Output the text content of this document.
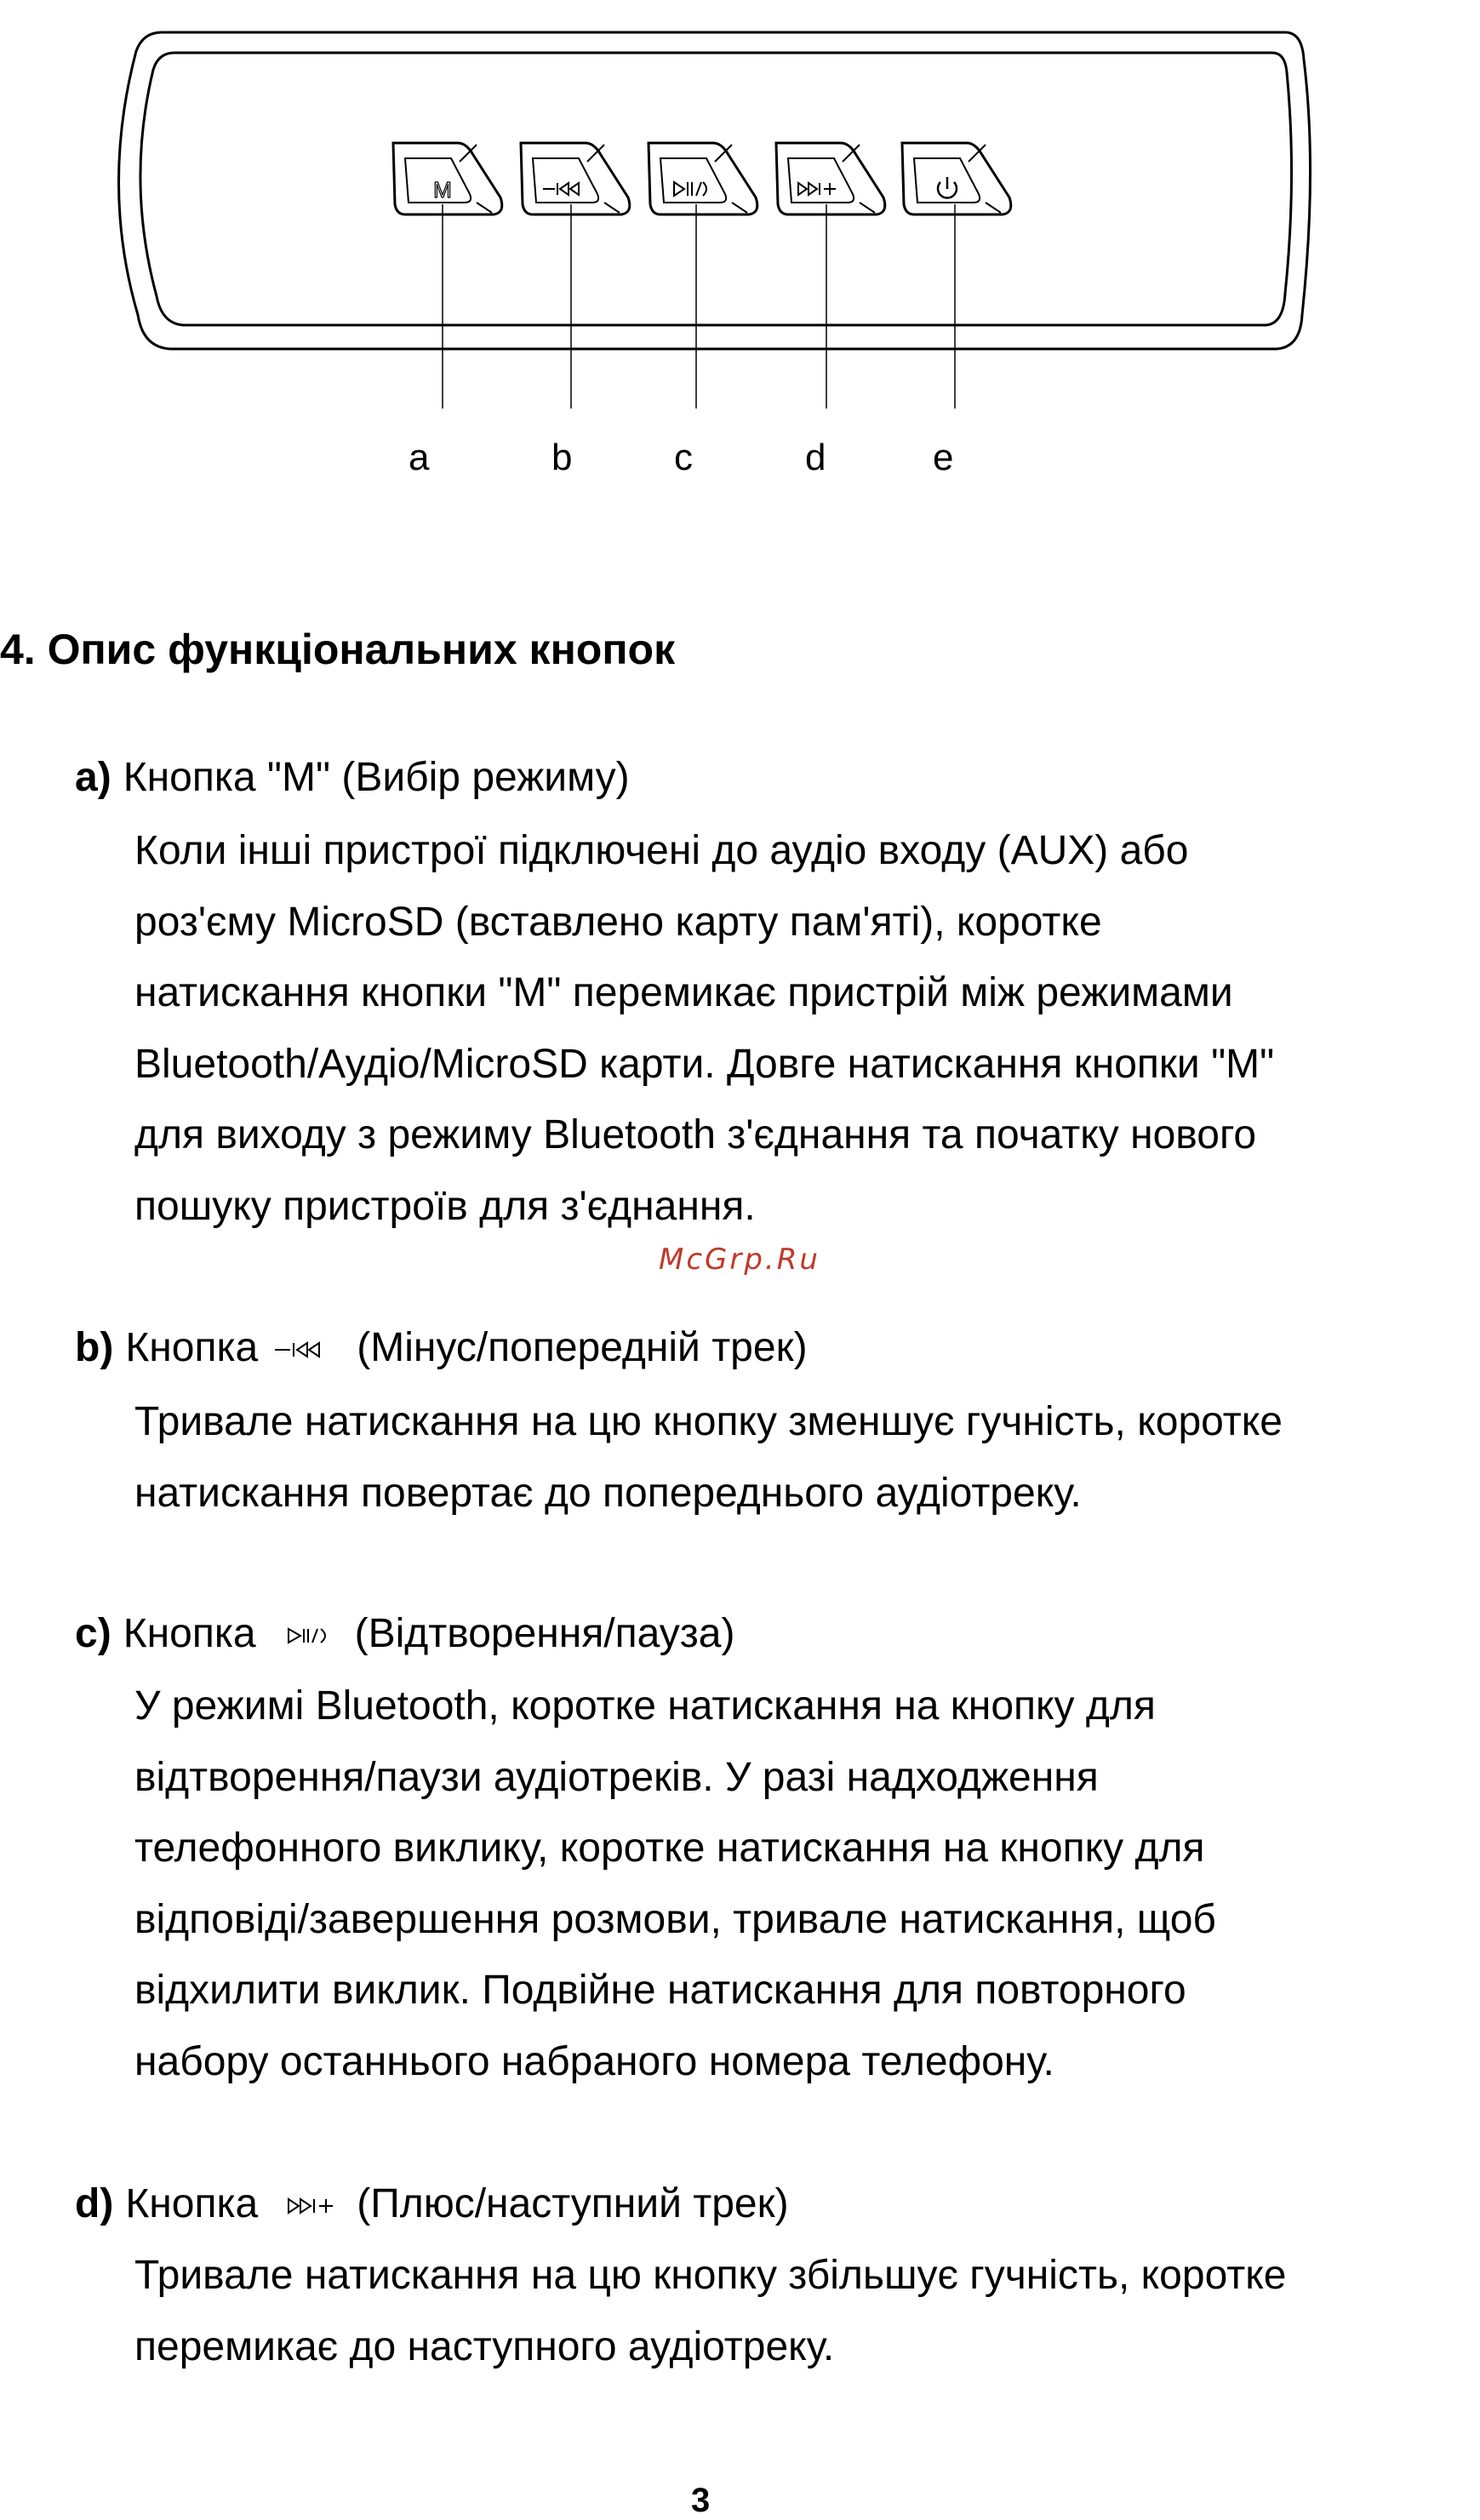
M
a	b	c	d	e
4. Опис функціональних кнопок
a) Кнопка "M" (Вибір режиму)
Коли інші пристрої підключені до аудіо входу (AUX) або
роз'єму MicroSD (вставлено карту пам'яті), коротке
натискання кнопки "M" перемикає пристрій між режимами
Bluetooth/Аудіо/MicroSD карти. Довге натискання кнопки "M"
для виходу з режиму Bluetooth з'єднання та початку нового
пошуку пристроїв для з'єднання.
McGrp.Ru
b) Кнопка (Мінус/попередній трек)
Тривале натискання на цю кнопку зменшує гучність, коротке
натискання повертає до попереднього аудіотреку.
c) Кнопка (Відтворення/пауза)
У режимі Bluetooth, коротке натискання на кнопку для
відтворення/паузи аудіотреків. У разі надходження
телефонного виклику, коротке натискання на кнопку для
відповіді/завершення розмови, тривале натискання, щоб
відхилити виклик. Подвійне натискання для повторного
набору останнього набраного номера телефону.
d) Кнопка (Плюс/наступний трек)
Тривале натискання на цю кнопку збільшує гучність, коротке
перемикає до наступного аудіотреку.
3
